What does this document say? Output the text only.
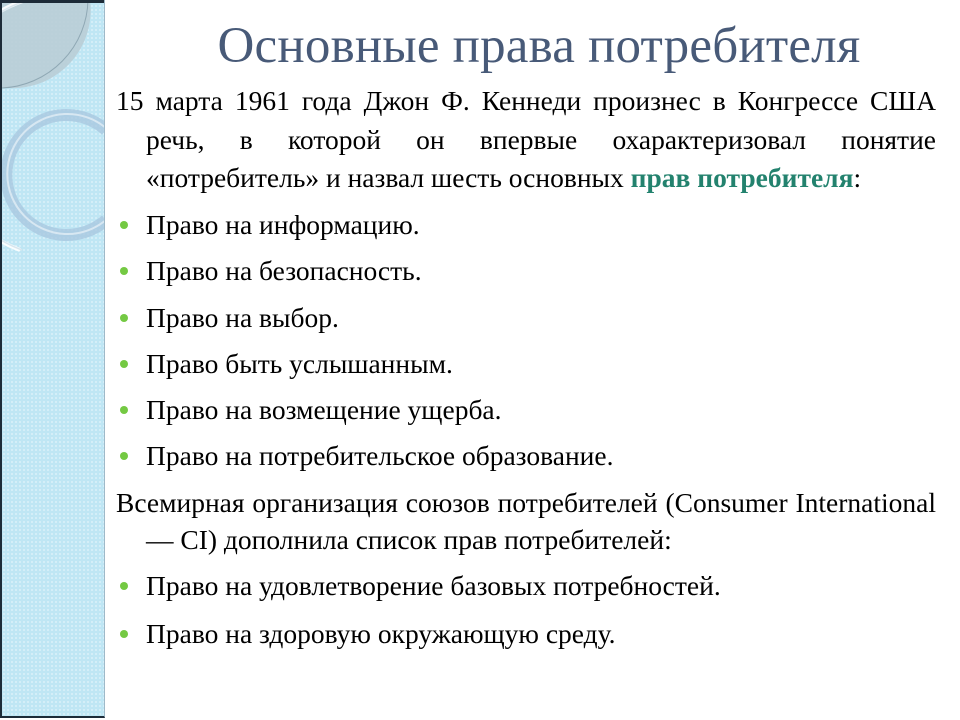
Основные права потребителя
15 марта 1961 года Джон Ф. Кеннеди произнес в Конгрессе США речь, в которой он впервые охарактеризовал понятие «потребитель» и назвал шесть основных прав потребителя:
Право на информацию.
Право на безопасность.
Право на выбор.
Право быть услышанным.
Право на возмещение ущерба.
Право на потребительское образование.
Всемирная организация союзов потребителей (Consumer International — CI) дополнила список прав потребителей:
Право на удовлетворение базовых потребностей.
Право на здоровую окружающую среду.
